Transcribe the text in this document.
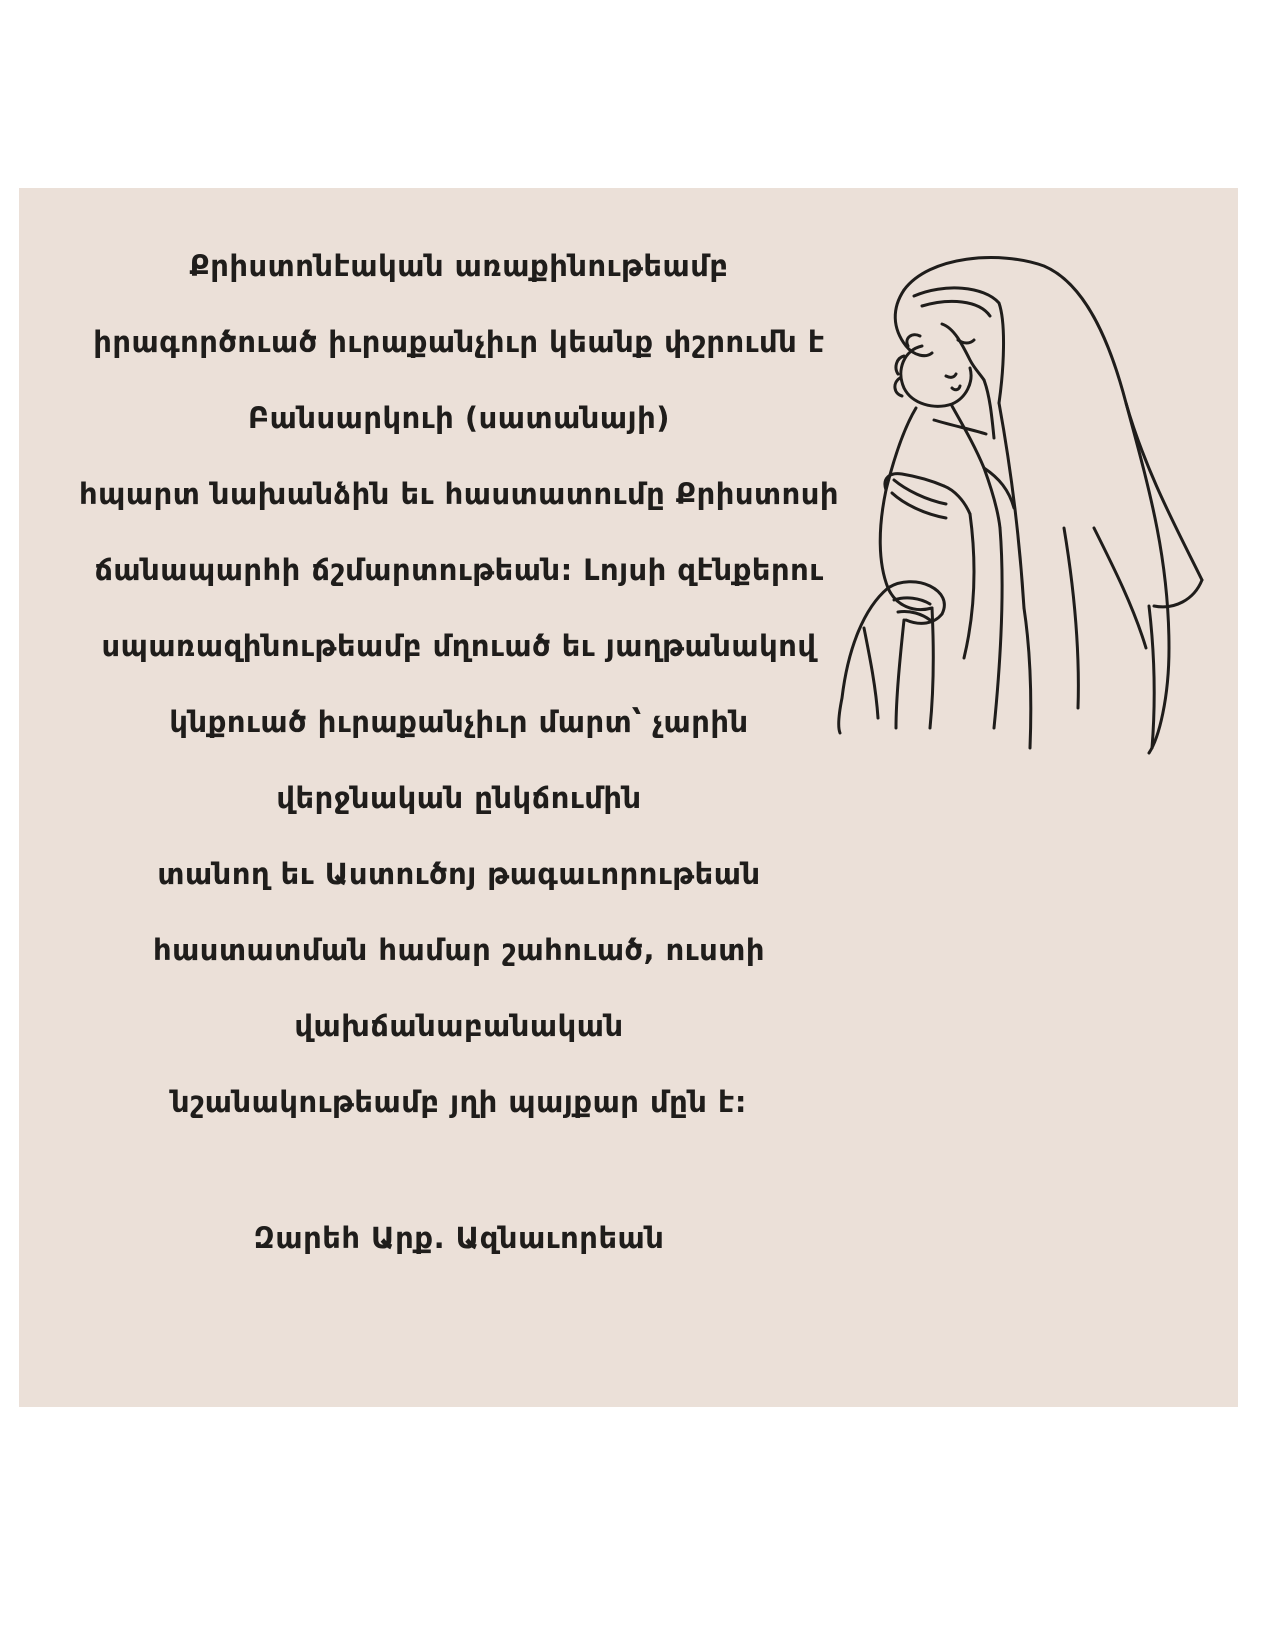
Քրիստոնէական առաքինութեամբ
իրագործուած իւրաքանչիւր կեանք փշրումն է
Բանսարկուի (սատանայի)
հպարտ նախանձին եւ հաստատումը Քրիստոսի
ճանապարհի ճշմարտութեան: Լոյսի զէնքերու
սպառազինութեամբ մղուած եւ յաղթանակով
կնքուած իւրաքանչիւր մարտ՝ չարին
վերջնական ընկճումին
տանող եւ Աստուծոյ թագաւորութեան
հաստատման համար շահուած, ուստի
վախճանաբանական
նշանակութեամբ յղի պայքար մըն է:
Զարեհ Արք. Ազնաւորեան
